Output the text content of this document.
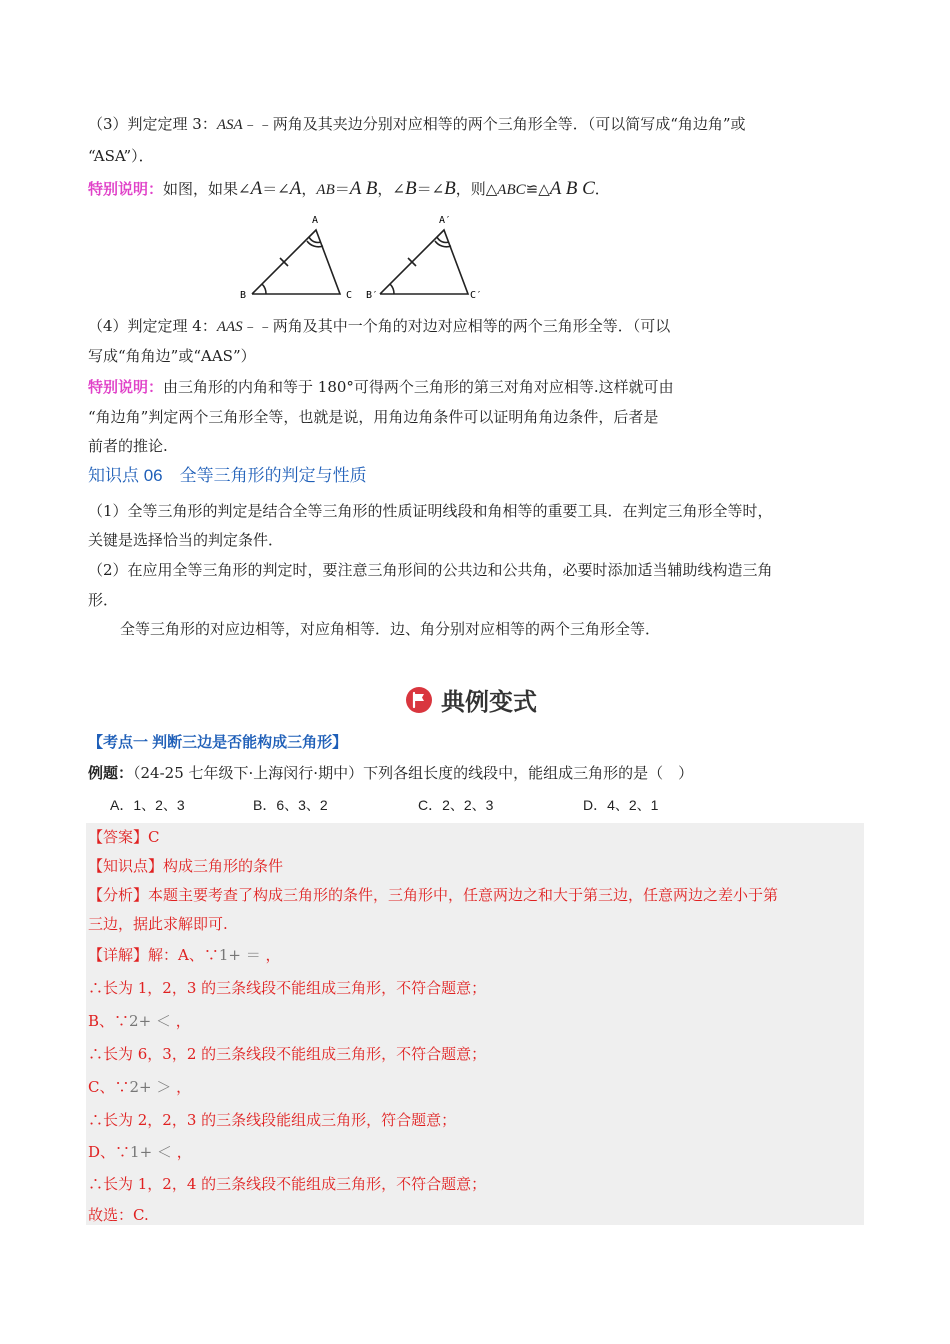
（3）判定定理 3：ASA﹣﹣两角及其夹边分别对应相等的两个三角形全等．（可以简写成“角边角”或
“ASA”）．
特别说明：如图，如果∠A＝∠A，AB＝A B，∠B＝∠B，则△ABC≌△A B C．
A
B	C
A′
B′	C′
（4）判定定理 4：AAS﹣﹣两角及其中一个角的对边对应相等的两个三角形全等．（可以
写成“角角边”或“AAS”）
特别说明：由三角形的内角和等于 180°可得两个三角形的第三对角对应相等.这样就可由
“角边角”判定两个三角形全等，也就是说，用角边角条件可以证明角角边条件，后者是
前者的推论.
知识点 06　全等三角形的判定与性质
（1）全等三角形的判定是结合全等三角形的性质证明线段和角相等的重要工具．在判定三角形全等时，
关键是选择恰当的判定条件．
（2）在应用全等三角形的判定时，要注意三角形间的公共边和公共角，必要时添加适当辅助线构造三角
形．
全等三角形的对应边相等，对应角相等．边、角分别对应相等的两个三角形全等．
典例变式
【考点一 判断三边是否能构成三角形】
例题：（24-25 七年级下·上海闵行·期中）下列各组长度的线段中，能组成三角形的是（　）
A．1、2、3	B．6、3、2	C．2、2、3	D．4、2、1
【答案】C
【知识点】构成三角形的条件
【分析】本题主要考查了构成三角形的条件，三角形中，任意两边之和大于第三边，任意两边之差小于第
三边，据此求解即可.
【详解】解：A、∵1+ ＝ ，
∴长为 1，2，3 的三条线段不能组成三角形，不符合题意；
B、∵2+ ＜ ，
∴长为 6，3，2 的三条线段不能组成三角形，不符合题意；
C、∵2+ ＞ ，
∴长为 2，2，3 的三条线段能组成三角形，符合题意；
D、∵1+ ＜ ，
∴长为 1，2，4 的三条线段不能组成三角形，不符合题意；
故选：C.
